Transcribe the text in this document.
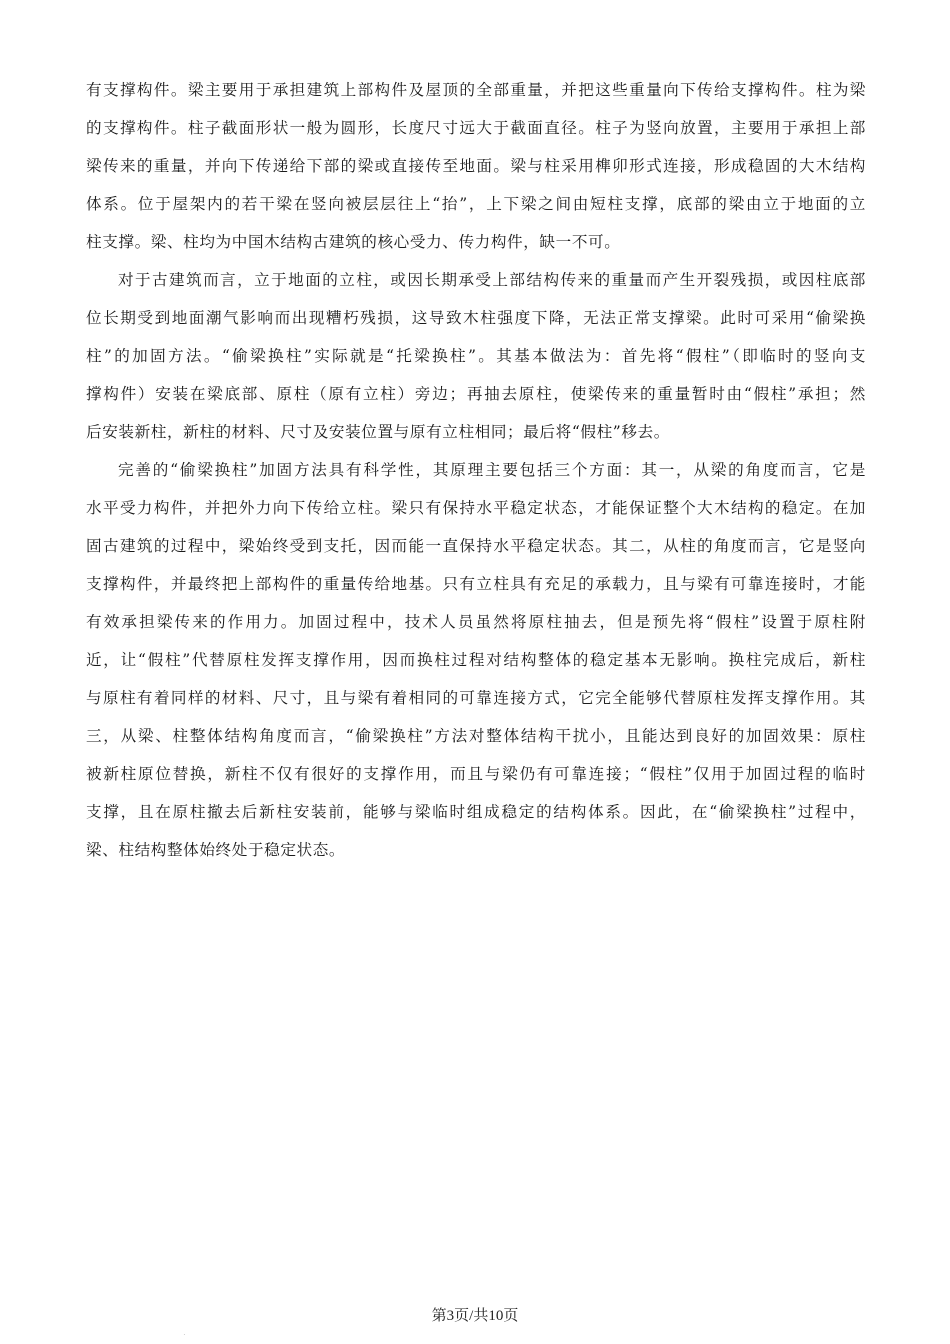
有支撑构件。梁主要用于承担建筑上部构件及屋顶的全部重量，并把这些重量向下传给支撑构件。柱为梁
的支撑构件。柱子截面形状一般为圆形，长度尺寸远大于截面直径。柱子为竖向放置，主要用于承担上部
梁传来的重量，并向下传递给下部的梁或直接传至地面。梁与柱采用榫卯形式连接，形成稳固的大木结构
体系。位于屋架内的若干梁在竖向被层层往上“抬”，上下梁之间由短柱支撑，底部的梁由立于地面的立
柱支撑。梁、柱均为中国木结构古建筑的核心受力、传力构件，缺一不可。
对于古建筑而言，立于地面的立柱，或因长期承受上部结构传来的重量而产生开裂残损，或因柱底部
位长期受到地面潮气影响而出现糟朽残损，这导致木柱强度下降，无法正常支撑梁。此时可采用“偷梁换
柱”的加固方法。“偷梁换柱”实际就是“托梁换柱”。其基本做法为：首先将“假柱”（即临时的竖向支
撑构件）安装在梁底部、原柱（原有立柱）旁边；再抽去原柱，使梁传来的重量暂时由“假柱”承担；然
后安装新柱，新柱的材料、尺寸及安装位置与原有立柱相同；最后将“假柱”移去。
完善的“偷梁换柱”加固方法具有科学性，其原理主要包括三个方面：其一，从梁的角度而言，它是
水平受力构件，并把外力向下传给立柱。梁只有保持水平稳定状态，才能保证整个大木结构的稳定。在加
固古建筑的过程中，梁始终受到支托，因而能一直保持水平稳定状态。其二，从柱的角度而言，它是竖向
支撑构件，并最终把上部构件的重量传给地基。只有立柱具有充足的承载力，且与梁有可靠连接时，才能
有效承担梁传来的作用力。加固过程中，技术人员虽然将原柱抽去，但是预先将“假柱”设置于原柱附
近，让“假柱”代替原柱发挥支撑作用，因而换柱过程对结构整体的稳定基本无影响。换柱完成后，新柱
与原柱有着同样的材料、尺寸，且与梁有着相同的可靠连接方式，它完全能够代替原柱发挥支撑作用。其
三，从梁、柱整体结构角度而言，“偷梁换柱”方法对整体结构干扰小，且能达到良好的加固效果：原柱
被新柱原位替换，新柱不仅有很好的支撑作用，而且与梁仍有可靠连接；“假柱”仅用于加固过程的临时
支撑，且在原柱撤去后新柱安装前，能够与梁临时组成稳定的结构体系。因此，在“偷梁换柱”过程中，
梁、柱结构整体始终处于稳定状态。
第3页/共10页
·
